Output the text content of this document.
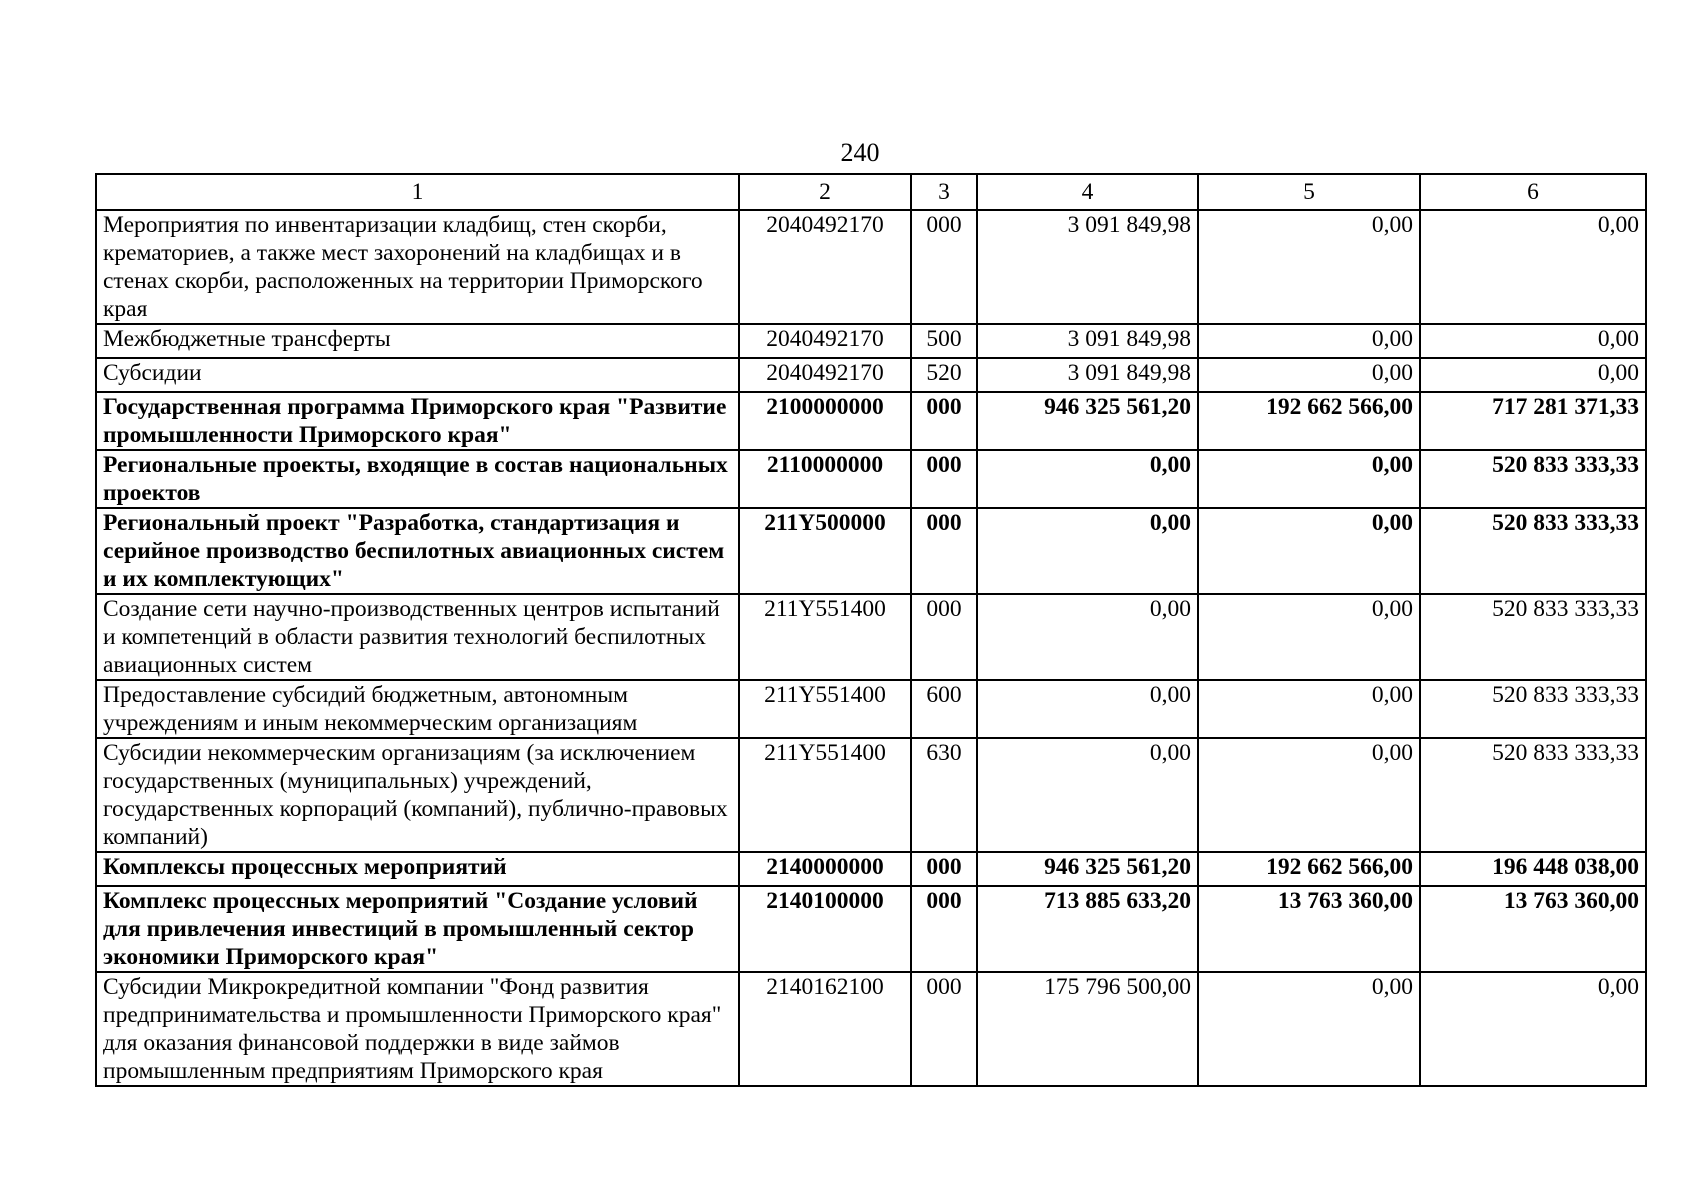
240
1	2	3	4	5	6
Мероприятия по инвентаризации кладбищ, стен скорби, крематориев, а также мест захоронений на кладбищах и в стенах скорби, расположенных на территории Приморского края	2040492170	000	3 091 849,98	0,00	0,00
Межбюджетные трансферты	2040492170	500	3 091 849,98	0,00	0,00
Субсидии	2040492170	520	3 091 849,98	0,00	0,00
Государственная программа Приморского края "Развитие промышленности Приморского края"	2100000000	000	946 325 561,20	192 662 566,00	717 281 371,33
Региональные проекты, входящие в состав национальных проектов	2110000000	000	0,00	0,00	520 833 333,33
Региональный проект "Разработка, стандартизация и серийное производство беспилотных авиационных систем и их комплектующих"	211Y500000	000	0,00	0,00	520 833 333,33
Создание сети научно-производственных центров испытаний и компетенций в области развития технологий беспилотных авиационных систем	211Y551400	000	0,00	0,00	520 833 333,33
Предоставление субсидий бюджетным, автономным учреждениям и иным некоммерческим организациям	211Y551400	600	0,00	0,00	520 833 333,33
Субсидии некоммерческим организациям (за исключением государственных (муниципальных) учреждений, государственных корпораций (компаний), публично-правовых компаний)	211Y551400	630	0,00	0,00	520 833 333,33
Комплексы процессных мероприятий	2140000000	000	946 325 561,20	192 662 566,00	196 448 038,00
Комплекс процессных мероприятий "Создание условий для привлечения инвестиций в промышленный сектор экономики Приморского края"	2140100000	000	713 885 633,20	13 763 360,00	13 763 360,00
Субсидии Микрокредитной компании "Фонд развития предпринимательства и промышленности Приморского края" для оказания финансовой поддержки в виде займов промышленным предприятиям Приморского края	2140162100	000	175 796 500,00	0,00	0,00
